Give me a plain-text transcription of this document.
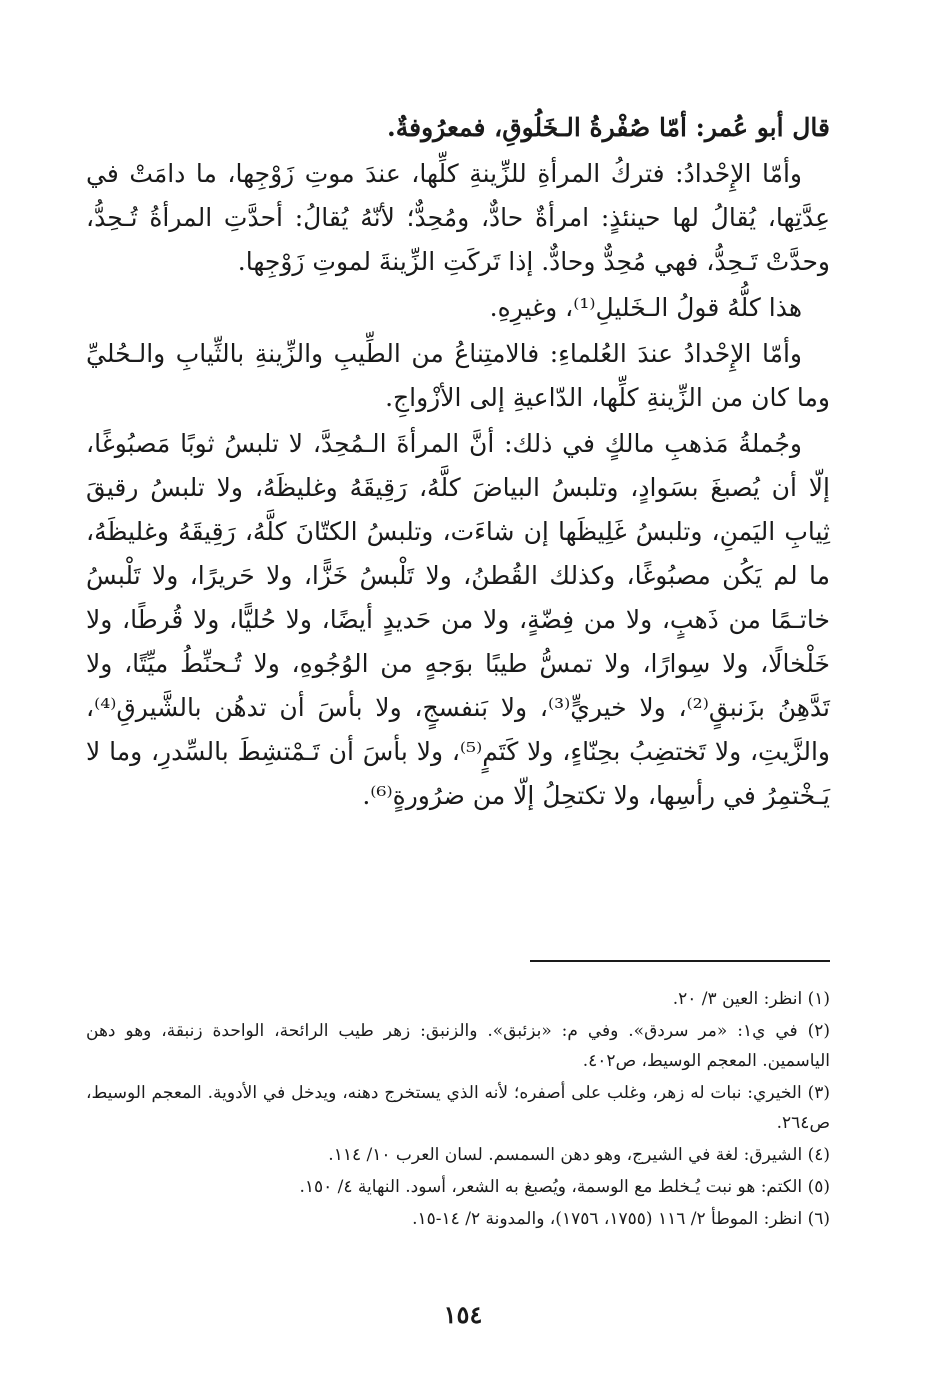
قال أبو عُمر: أمّا صُفْرةُ الـخَلُوقِ، فمعرُوفةٌ.

وأمّا الإِحْدادُ: فتركُ المرأةِ للزِّينةِ كلِّها، عندَ موتِ زَوْجِها، ما دامَتْ في عِدَّتِها، يُقالُ لها حينئذٍ: امرأةٌ حادٌّ، ومُحِدٌّ؛ لأنّهُ يُقالُ: أحدَّتِ المرأةُ تُـحِدُّ، وحدَّتْ تَـحِدُّ، فهي مُحِدٌّ وحادٌّ. إذا تَركَتِ الزِّينةَ لموتِ زَوْجِها.

هذا كلُّهُ قولُ الـخَليلِ⁽¹⁾، وغيرِهِ.

وأمّا الإِحْدادُ عندَ العُلماءِ: فالامتِناعُ من الطِّيبِ والزِّينةِ بالثِّيابِ والـحُليِّ وما كان من الزِّينةِ كلِّها، الدّاعيةِ إلى الأزْواجِ.

وجُملةُ مَذهبِ مالكٍ في ذلك: أنَّ المرأةَ الـمُحِدَّ، لا تلبسُ ثوبًا مَصبُوغًا، إلّا أن يُصبغَ بسَوادٍ، وتلبسُ البياضَ كلَّهُ، رَقِيقَهُ وغليظَهُ، ولا تلبسُ رقيقَ ثِيابِ اليَمنِ، وتلبسُ غَلِيظَها إن شاءَت، وتلبسُ الكتّانَ كلَّهُ، رَقِيقَهُ وغليظَهُ، ما لم يَكُن مصبُوغًا، وكذلك القُطنُ، ولا تَلْبسُ خَزًّا، ولا حَريرًا، ولا تَلْبسُ خاتـمًا من ذَهبٍ، ولا من فِضّةٍ، ولا من حَديدٍ أيضًا، ولا حُليًّا، ولا قُرطًا، ولا خَلْخالًا، ولا سِوارًا، ولا تمسُّ طيبًا بوَجهٍ من الوُجُوهِ، ولا تُـحنِّطُ ميِّتًا، ولا تَدَّهِنُ بزَنبقٍ⁽²⁾، ولا خيريٍّ⁽³⁾، ولا بَنفسجٍ، ولا بأسَ أن تدهُن بالشَّيرقِ⁽⁴⁾، والزَّيتِ، ولا تَختضِبُ بحِنّاءٍ، ولا كَتَمٍ⁽⁵⁾، ولا بأسَ أن تَـمْتشِطَ بالسِّدرِ، وما لا يَـخْتمِرُ في رأسِها، ولا تكتحِلُ إلّا من ضرُورةٍ⁽⁶⁾.

(١) انظر: العين ٣/ ٢٠.

(٢) في ي١: «مر سردق». وفي م: «بزئبق». والزنبق: زهر طيب الرائحة، الواحدة زنبقة، وهو دهن الياسمين. المعجم الوسيط، ص٤٠٢.

(٣) الخيري: نبات له زهر، وغلب على أصفره؛ لأنه الذي يستخرج دهنه، ويدخل في الأدوية. المعجم الوسيط، ص٢٦٤.

(٤) الشيرق: لغة في الشيرج، وهو دهن السمسم. لسان العرب ١٠/ ١١٤.

(٥) الكتم: هو نبت يُـخلط مع الوسمة، ويُصبغ به الشعر، أسود. النهاية ٤/ ١٥٠.

(٦) انظر: الموطأ ٢/ ١١٦ (١٧٥٥، ١٧٥٦)، والمدونة ٢/ ١٤-١٥.

١٥٤
